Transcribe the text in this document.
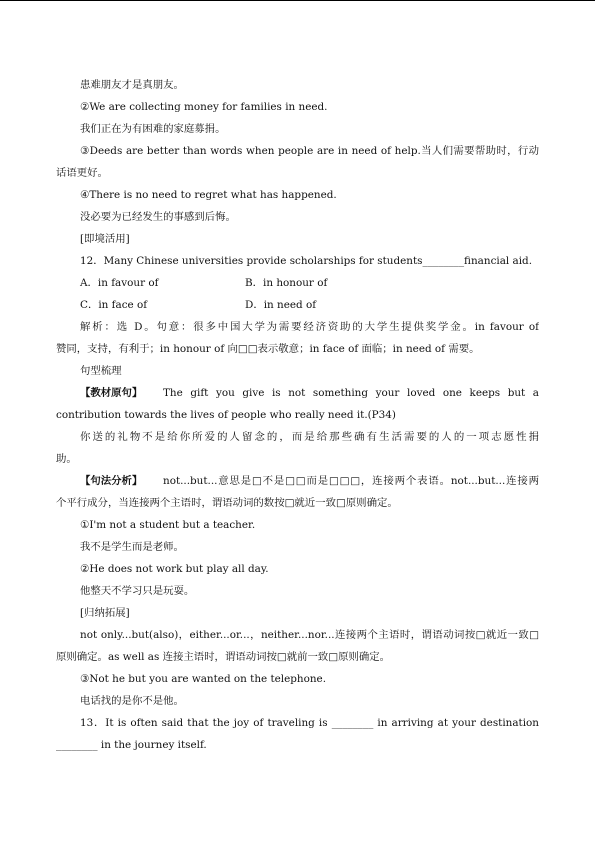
患难朋友才是真朋友。
②We are collecting money for families in need.
我们正在为有困难的家庭募捐。
③Deeds are better than words when people are in need of help.当人们需要帮助时，行动
话语更好。
④There is no need to regret what has happened.
没必要为已经发生的事感到后悔。
[即境活用]
12．Many Chinese universities provide scholarships for students________financial aid.
A．in favour of	B．in honour of
C．in face of	D．in need of
解析：选 D。句意：很多中国大学为需要经济资助的大学生提供奖学金。in favour of
赞同，支持，有利于；in honour of 向□□表示敬意；in face of 面临；in need of 需要。
句型梳理
【教材原句】 The gift you give is not something your loved one keeps but a
contribution towards the lives of people who really need it.(P34)
你送的礼物不是给你所爱的人留念的，而是给那些确有生活需要的人的一项志愿性捐
助。
【句法分析】 not...but...意思是□不是□□而是□□□，连接两个表语。not...but...连接两
个平行成分，当连接两个主语时，谓语动词的数按□就近一致□原则确定。
①I'm not a student but a teacher.
我不是学生而是老师。
②He does not work but play all day.
他整天不学习只是玩耍。
[归纳拓展]
not only...but(also)，either...or...，neither...nor...连接两个主语时，谓语动词按□就近一致□
原则确定。as well as 连接主语时，谓语动词按□就前一致□原则确定。
③Not he but you are wanted on the telephone.
电话找的是你不是他。
13．It is often said that the joy of traveling is ________ in arriving at your destination
________ in the journey itself.
